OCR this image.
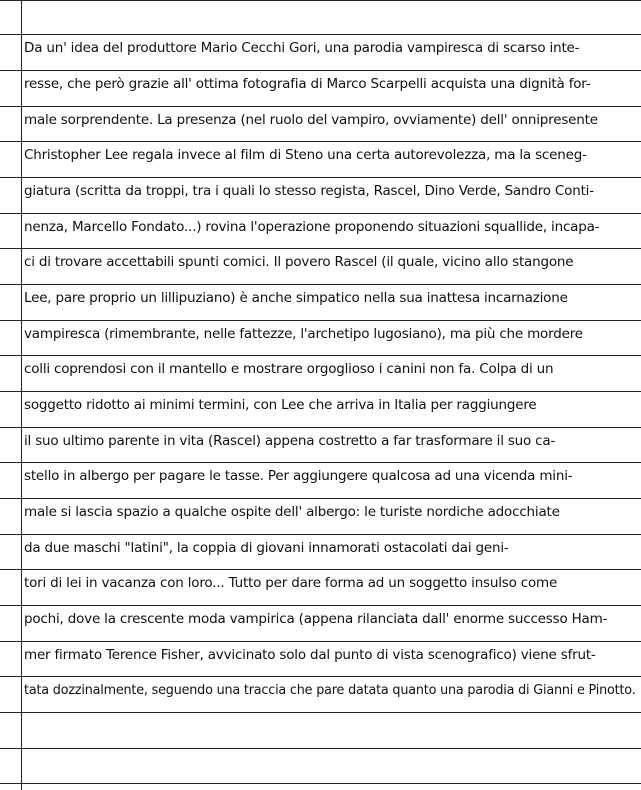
Da un' idea del produttore Mario Cecchi Gori, una parodia vampiresca di scarso inte-
resse, che però grazie all' ottima fotografia di Marco Scarpelli acquista una dignità for-
male sorprendente. La presenza (nel ruolo del vampiro, ovviamente) dell' onnipresente
Christopher Lee regala invece al film di Steno una certa autorevolezza, ma la sceneg-
giatura (scritta da troppi, tra i quali lo stesso regista, Rascel, Dino Verde, Sandro Conti-
nenza, Marcello Fondato...) rovina l'operazione proponendo situazioni squallide, incapa-
ci di trovare accettabili spunti comici. Il povero Rascel (il quale, vicino allo stangone
Lee, pare proprio un lillipuziano) è anche simpatico nella sua inattesa incarnazione
vampiresca (rimembrante, nelle fattezze, l'archetipo lugosiano), ma più che mordere
colli coprendosi con il mantello e mostrare orgoglioso i canini non fa. Colpa di un
soggetto ridotto ai minimi termini, con Lee che arriva in Italia per raggiungere
il suo ultimo parente in vita (Rascel) appena costretto a far trasformare il suo ca-
stello in albergo per pagare le tasse. Per aggiungere qualcosa ad una vicenda mini-
male si lascia spazio a qualche ospite dell' albergo: le turiste nordiche adocchiate
da due maschi "latini", la coppia di giovani innamorati ostacolati dai geni-
tori di lei in vacanza con loro... Tutto per dare forma ad un soggetto insulso come
pochi, dove la crescente moda vampirica (appena rilanciata dall' enorme successo Ham-
mer firmato Terence Fisher, avvicinato solo dal punto di vista scenografico) viene sfrut-
tata dozzinalmente, seguendo una traccia che pare datata quanto una parodia di Gianni e Pinotto.
